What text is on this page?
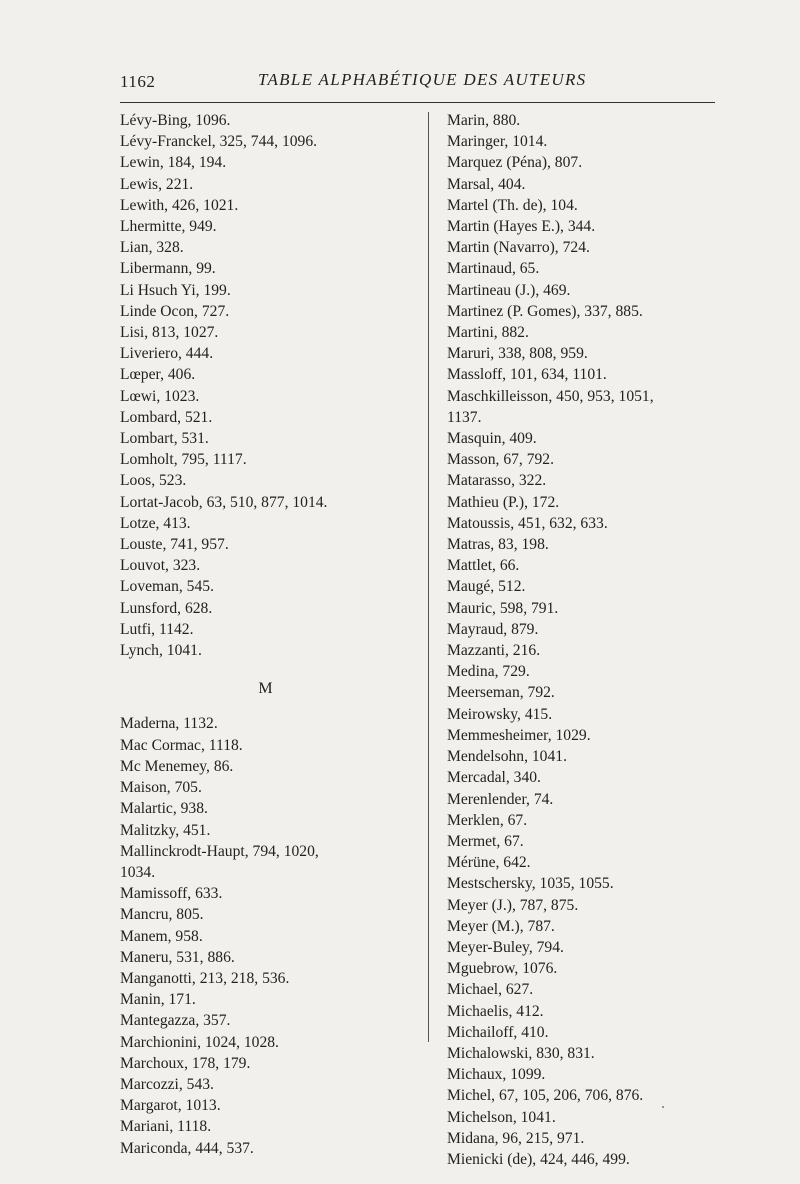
1162	TABLE ALPHABÉTIQUE DES AUTEURS
Lévy-Bing, 1096.
Lévy-Franckel, 325, 744, 1096.
Lewin, 184, 194.
Lewis, 221.
Lewith, 426, 1021.
Lhermitte, 949.
Lian, 328.
Libermann, 99.
Li Hsuch Yi, 199.
Linde Ocon, 727.
Lisi, 813, 1027.
Liveriero, 444.
Lœper, 406.
Lœwi, 1023.
Lombard, 521.
Lombart, 531.
Lomholt, 795, 1117.
Loos, 523.
Lortat-Jacob, 63, 510, 877, 1014.
Lotze, 413.
Louste, 741, 957.
Louvot, 323.
Loveman, 545.
Lunsford, 628.
Lutfi, 1142.
Lynch, 1041.
M
Maderna, 1132.
Mac Cormac, 1118.
Mc Menemey, 86.
Maison, 705.
Malartic, 938.
Malitzky, 451.
Mallinckrodt-Haupt, 794, 1020,
1034.
Mamissoff, 633.
Mancru, 805.
Manem, 958.
Maneru, 531, 886.
Manganotti, 213, 218, 536.
Manin, 171.
Mantegazza, 357.
Marchionini, 1024, 1028.
Marchoux, 178, 179.
Marcozzi, 543.
Margarot, 1013.
Mariani, 1118.
Mariconda, 444, 537.
Marin, 880.
Maringer, 1014.
Marquez (Péna), 807.
Marsal, 404.
Martel (Th. de), 104.
Martin (Hayes E.), 344.
Martin (Navarro), 724.
Martinaud, 65.
Martineau (J.), 469.
Martinez (P. Gomes), 337, 885.
Martini, 882.
Maruri, 338, 808, 959.
Massloff, 101, 634, 1101.
Maschkilleisson, 450, 953, 1051,
1137.
Masquin, 409.
Masson, 67, 792.
Matarasso, 322.
Mathieu (P.), 172.
Matoussis, 451, 632, 633.
Matras, 83, 198.
Mattlet, 66.
Maugé, 512.
Mauric, 598, 791.
Mayraud, 879.
Mazzanti, 216.
Medina, 729.
Meerseman, 792.
Meirowsky, 415.
Memmesheimer, 1029.
Mendelsohn, 1041.
Mercadal, 340.
Merenlender, 74.
Merklen, 67.
Mermet, 67.
Mérüne, 642.
Mestschersky, 1035, 1055.
Meyer (J.), 787, 875.
Meyer (M.), 787.
Meyer-Buley, 794.
Mguebrow, 1076.
Michael, 627.
Michaelis, 412.
Michailoff, 410.
Michalowski, 830, 831.
Michaux, 1099.
Michel, 67, 105, 206, 706, 876.
Michelson, 1041.
Midana, 96, 215, 971.
Mienicki (de), 424, 446, 499.
